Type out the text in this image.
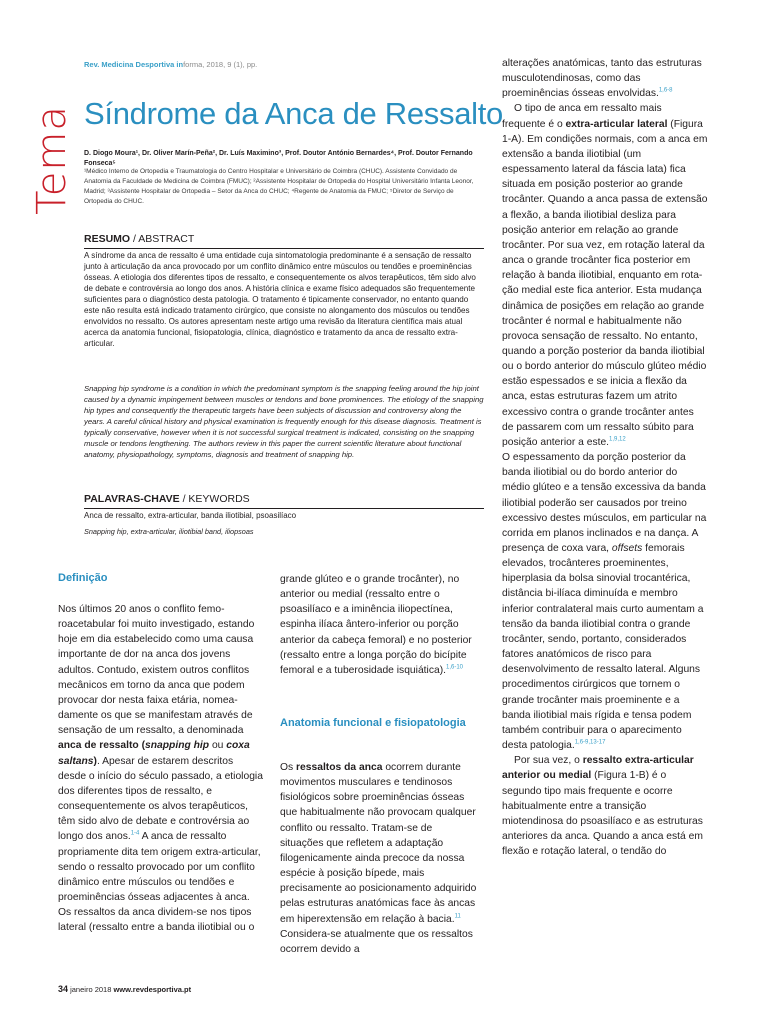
Rev. Medicina Desportiva informa, 2018, 9 (1), pp.
Tema Síndrome da Anca de Ressalto
D. Diogo Moura¹, Dr. Oliver Marín-Peña², Dr. Luís Maximino³, Prof. Doutor António Bernardes⁴, Prof. Doutor Fernando Fonseca⁵
¹Médico Interno de Ortopedia e Traumatologia do Centro Hospitalar e Universitário de Coimbra (CHUC). Assistente Convidado de Anatomia da Faculdade de Medicina de Coimbra (FMUC); ²Assistente Hospitalar de Ortopedia do Hospital Universitário Infanta Leonor, Madrid; ³Assistente Hospitalar de Ortopedia – Setor da Anca do CHUC; ⁴Regente de Anatomia da FMUC; ⁵Diretor de Serviço de Ortopedia do CHUC.
RESUMO / ABSTRACT
A síndrome da anca de ressalto é uma entidade cuja sintomatologia predominante é a sensação de ressalto junto à articulação da anca provocado por um conflito dinâmico entre músculos ou tendões e proeminências ósseas. A etiologia dos diferentes tipos de ressalto, e consequentemente os alvos terapêuticos, têm sido alvo de debate e controvérsia ao longo dos anos. A história clínica e exame físico adequados são frequentemente suficientes para o diagnóstico desta patologia. O tratamento é tipicamente conservador, no entanto quando este não resulta está indicado tratamento cirúrgico, que consiste no alongamento dos músculos ou tendões envolvidos no ressalto. Os autores apresentam neste artigo uma revisão da literatura científica mais atual acerca da anatomia funcional, fisiopatologia, clínica, diagnóstico e tratamento da anca de ressalto extra-articular.
Snapping hip syndrome is a condition in which the predominant symptom is the snapping feeling around the hip joint caused by a dynamic impingement between muscles or tendons and bone prominences. The etiology of the snapping hip types and consequently the therapeutic targets have been subjects of discussion and controversy along the years. A careful clinical history and physical examination is frequently enough for this disease diagnosis. Treatment is typically conservative, however when it is not successful surgical treatment is indicated, consisting on the snapping muscle or tendons lengthening. The authors review in this paper the current scientific literature about functional anatomy, physiopathology, symptoms, diagnosis and treatment of snapping hip.
PALAVRAS-CHAVE / KEYWORDS
Anca de ressalto, extra-articular, banda iliotibial, psoasilíaco
Snapping hip, extra-articular, iliotibial band, iliopsoas
Definição

Nos últimos 20 anos o conflito femoroacetabular foi muito investigado, estando hoje em dia estabelecido como uma causa importante de dor na anca dos jovens adultos. Contudo, existem outros conflitos mecânicos em torno da anca que podem provocar dor nesta faixa etária, nomeadamente os que se manifestam através de sensação de um ressalto, a denominada anca de ressalto (snapping hip ou coxa saltans). Apesar de estarem descritos desde o início do século passado, a etiologia dos diferentes tipos de ressalto, e consequentemente os alvos terapêuticos, têm sido alvo de debate e controvérsia ao longo dos anos.$^{1-4}$ A anca de ressalto propriamente dita tem origem extra-articular, sendo o ressalto provocado por um conflito dinâmico entre músculos ou tendões e proeminências ósseas adjacentes à anca. Os ressaltos da anca dividem-se nos tipos lateral (ressalto entre a banda iliotibial ou o

grande glúteo e o grande trocânter), no anterior ou medial (ressalto entre o psoasilíaco e a iminência iliopectínea, espinha ilíaca ântero-inferior ou porção anterior da cabeça femoral) e no posterior (ressalto entre a longa porção do bicípite femoral e a tuberosidade isquiática).$^{1,6-10}$

Anatomia funcional e fisiopatologia

Os ressaltos da anca ocorrem durante movimentos musculares e tendinosos fisiológicos sobre proeminências ósseas que habitualmente não provocam qualquer conflito ou ressalto. Tratam-se de situações que refletem a adaptação filogenicamente ainda precoce da nossa espécie à posição bípede, mais precisamente ao posicionamento adquirido pelas estruturas anatómicas face às ancas em hiperextensão em relação à bacia.$^{11}$ Considera-se atualmente que os ressaltos ocorrem devido a

alterações anatómicas, tanto das estruturas musculotendinosas, como das proeminências ósseas envolvidas.$^{1,6-8}$

O tipo de anca em ressalto mais frequente é o extra-articular lateral (Figura 1-A). Em condições normais, com a anca em extensão a banda iliotibial (um espessamento lateral da fáscia lata) fica situada em posição posterior ao grande trocânter. Quando a anca passa de extensão a flexão, a banda iliotibial desliza para posição anterior em relação ao grande trocânter. Por sua vez, em rotação lateral da anca o grande trocânter fica posterior em relação à banda iliotibial, enquanto em rotação medial este fica anterior. Esta mudança dinâmica de posições em relação ao grande trocânter é normal e habitualmente não provoca sensação de ressalto. No entanto, quando a porção posterior da banda iliotibial ou o bordo anterior do músculo glúteo médio estão espessados e se inicia a flexão da anca, estas estruturas fazem um atrito excessivo contra o grande trocânter antes de passarem com um ressalto súbito para posição anterior a este.$^{1,9,12}$

O espessamento da porção posterior da banda iliotibial ou do bordo anterior do médio glúteo e a tensão excessiva da banda iliotibial poderão ser causados por treino excessivo destes músculos, em particular na corrida em planos inclinados e na dança. A presença de coxa vara, offsets femorais elevados, trocânteres proeminentes, hiperplasia da bolsa sinovial trocantérica, distância bi-ilíaca diminuída e membro inferior contralateral mais curto aumentam a tensão da banda iliotibial contra o grande trocânter, sendo, portanto, considerados fatores anatómicos de risco para desenvolvimento de ressalto lateral. Alguns procedimentos cirúrgicos que tornem o grande trocânter mais proeminente e a banda iliotibial mais rígida e tensa podem também contribuir para o aparecimento desta patologia.$^{1,6-9,13-17}$

Por sua vez, o ressalto extra-articular anterior ou medial (Figura 1-B) é o segundo tipo mais frequente e ocorre habitualmente entre a transição miotendinosa do psoasilíaco e as estruturas anteriores da anca. Quando a anca está em flexão e rotação lateral, o tendão do

34 janeiro 2018 www.revdesportiva.pt
